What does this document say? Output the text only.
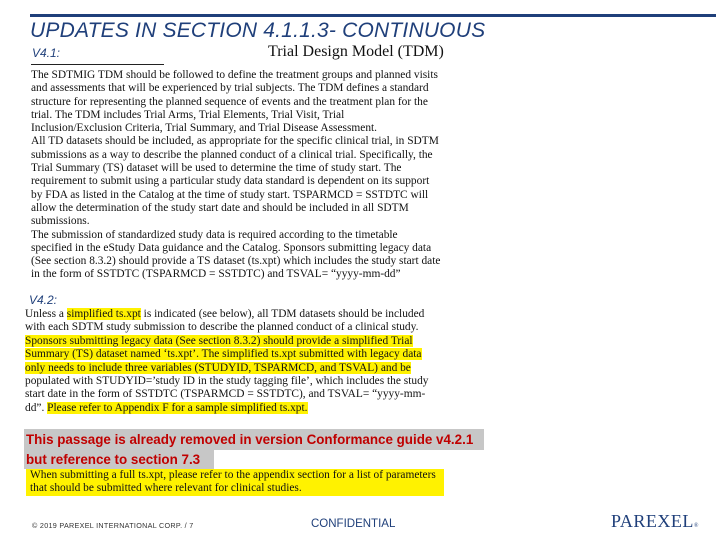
UPDATES IN SECTION 4.1.1.3- CONTINUOUS
V4.1:	Trial Design Model (TDM)
The SDTMIG TDM should be followed to define the treatment groups and planned visits
and assessments that will be experienced by trial subjects. The TDM defines a standard
structure for representing the planned sequence of events and the treatment plan for the
trial. The TDM includes Trial Arms, Trial Elements, Trial Visit, Trial
Inclusion/Exclusion Criteria, Trial Summary, and Trial Disease Assessment.
All TD datasets should be included, as appropriate for the specific clinical trial, in SDTM
submissions as a way to describe the planned conduct of a clinical trial. Specifically, the
Trial Summary (TS) dataset will be used to determine the time of study start. The
requirement to submit using a particular study data standard is dependent on its support
by FDA as listed in the Catalog at the time of study start. TSPARMCD = SSTDTC will
allow the determination of the study start date and should be included in all SDTM
submissions.
The submission of standardized study data is required according to the timetable
specified in the eStudy Data guidance and the Catalog. Sponsors submitting legacy data
(See section 8.3.2) should provide a TS dataset (ts.xpt) which includes the study start date
in the form of SSTDTC (TSPARMCD = SSTDTC) and TSVAL= “yyyy-mm-dd”
V4.2:
Unless a simplified ts.xpt is indicated (see below), all TDM datasets should be included
with each SDTM study submission to describe the planned conduct of a clinical study.
Sponsors submitting legacy data (See section 8.3.2) should provide a simplified Trial
Summary (TS) dataset named ‘ts.xpt’. The simplified ts.xpt submitted with legacy data
only needs to include three variables (STUDYID, TSPARMCD, and TSVAL) and be
populated with STUDYID=’study ID in the study tagging file’, which includes the study
start date in the form of SSTDTC (TSPARMCD = SSTDTC), and TSVAL= “yyyy-mm-
dd”. Please refer to Appendix F for a sample simplified ts.xpt.
This passage is already removed in version Conformance guide v4.2.1
but reference to section 7.3
When submitting a full ts.xpt, please refer to the appendix section for a list of parameters
that should be submitted where relevant for clinical studies.
© 2019 PAREXEL INTERNATIONAL CORP. / 7	CONFIDENTIAL	PAREXEL®
